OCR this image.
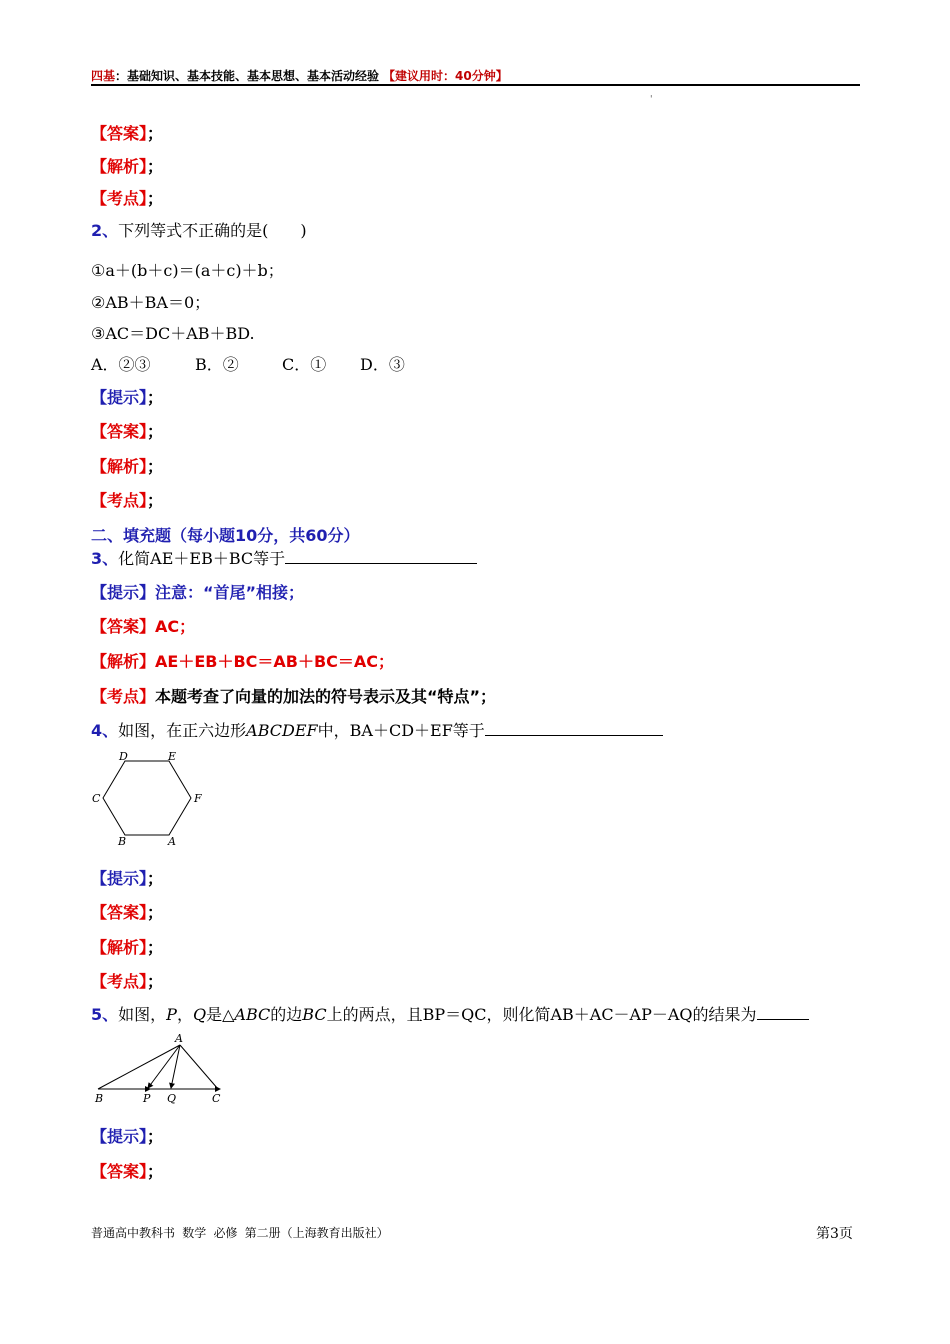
四基：基础知识、基本技能、基本思想、基本活动经验 【建议用时：40分钟】
'
【答案】；
【解析】；
【考点】；
2、下列等式不正确的是(　　)
①a＋(b＋c)＝(a＋c)＋b；
②AB＋BA＝0；
③AC＝DC＋AB＋BD.
A．②③	B．②	C．① D．③
【提示】；
【答案】；
【解析】；
【考点】；
二、填充题（每小题10分，共60分）
3、化简AE＋EB＋BC等于
【提示】注意：“首尾”相接；
【答案】AC；
【解析】AE＋EB＋BC＝AB＋BC＝AC；
【考点】本题考查了向量的加法的符号表示及其“特点”；
4、如图，在正六边形ABCDEF中，BA＋CD＋EF等于
D	E
C	F
B	A
【提示】；
【答案】；
【解析】；
【考点】；
5、如图，P，Q是△ABC的边BC上的两点，且BP＝QC，则化简AB＋AC－AP－AQ的结果为
A
B	P Q	C
【提示】；
【答案】；
普通高中教科书 数学 必修 第二册（上海教育出版社）	第3页
